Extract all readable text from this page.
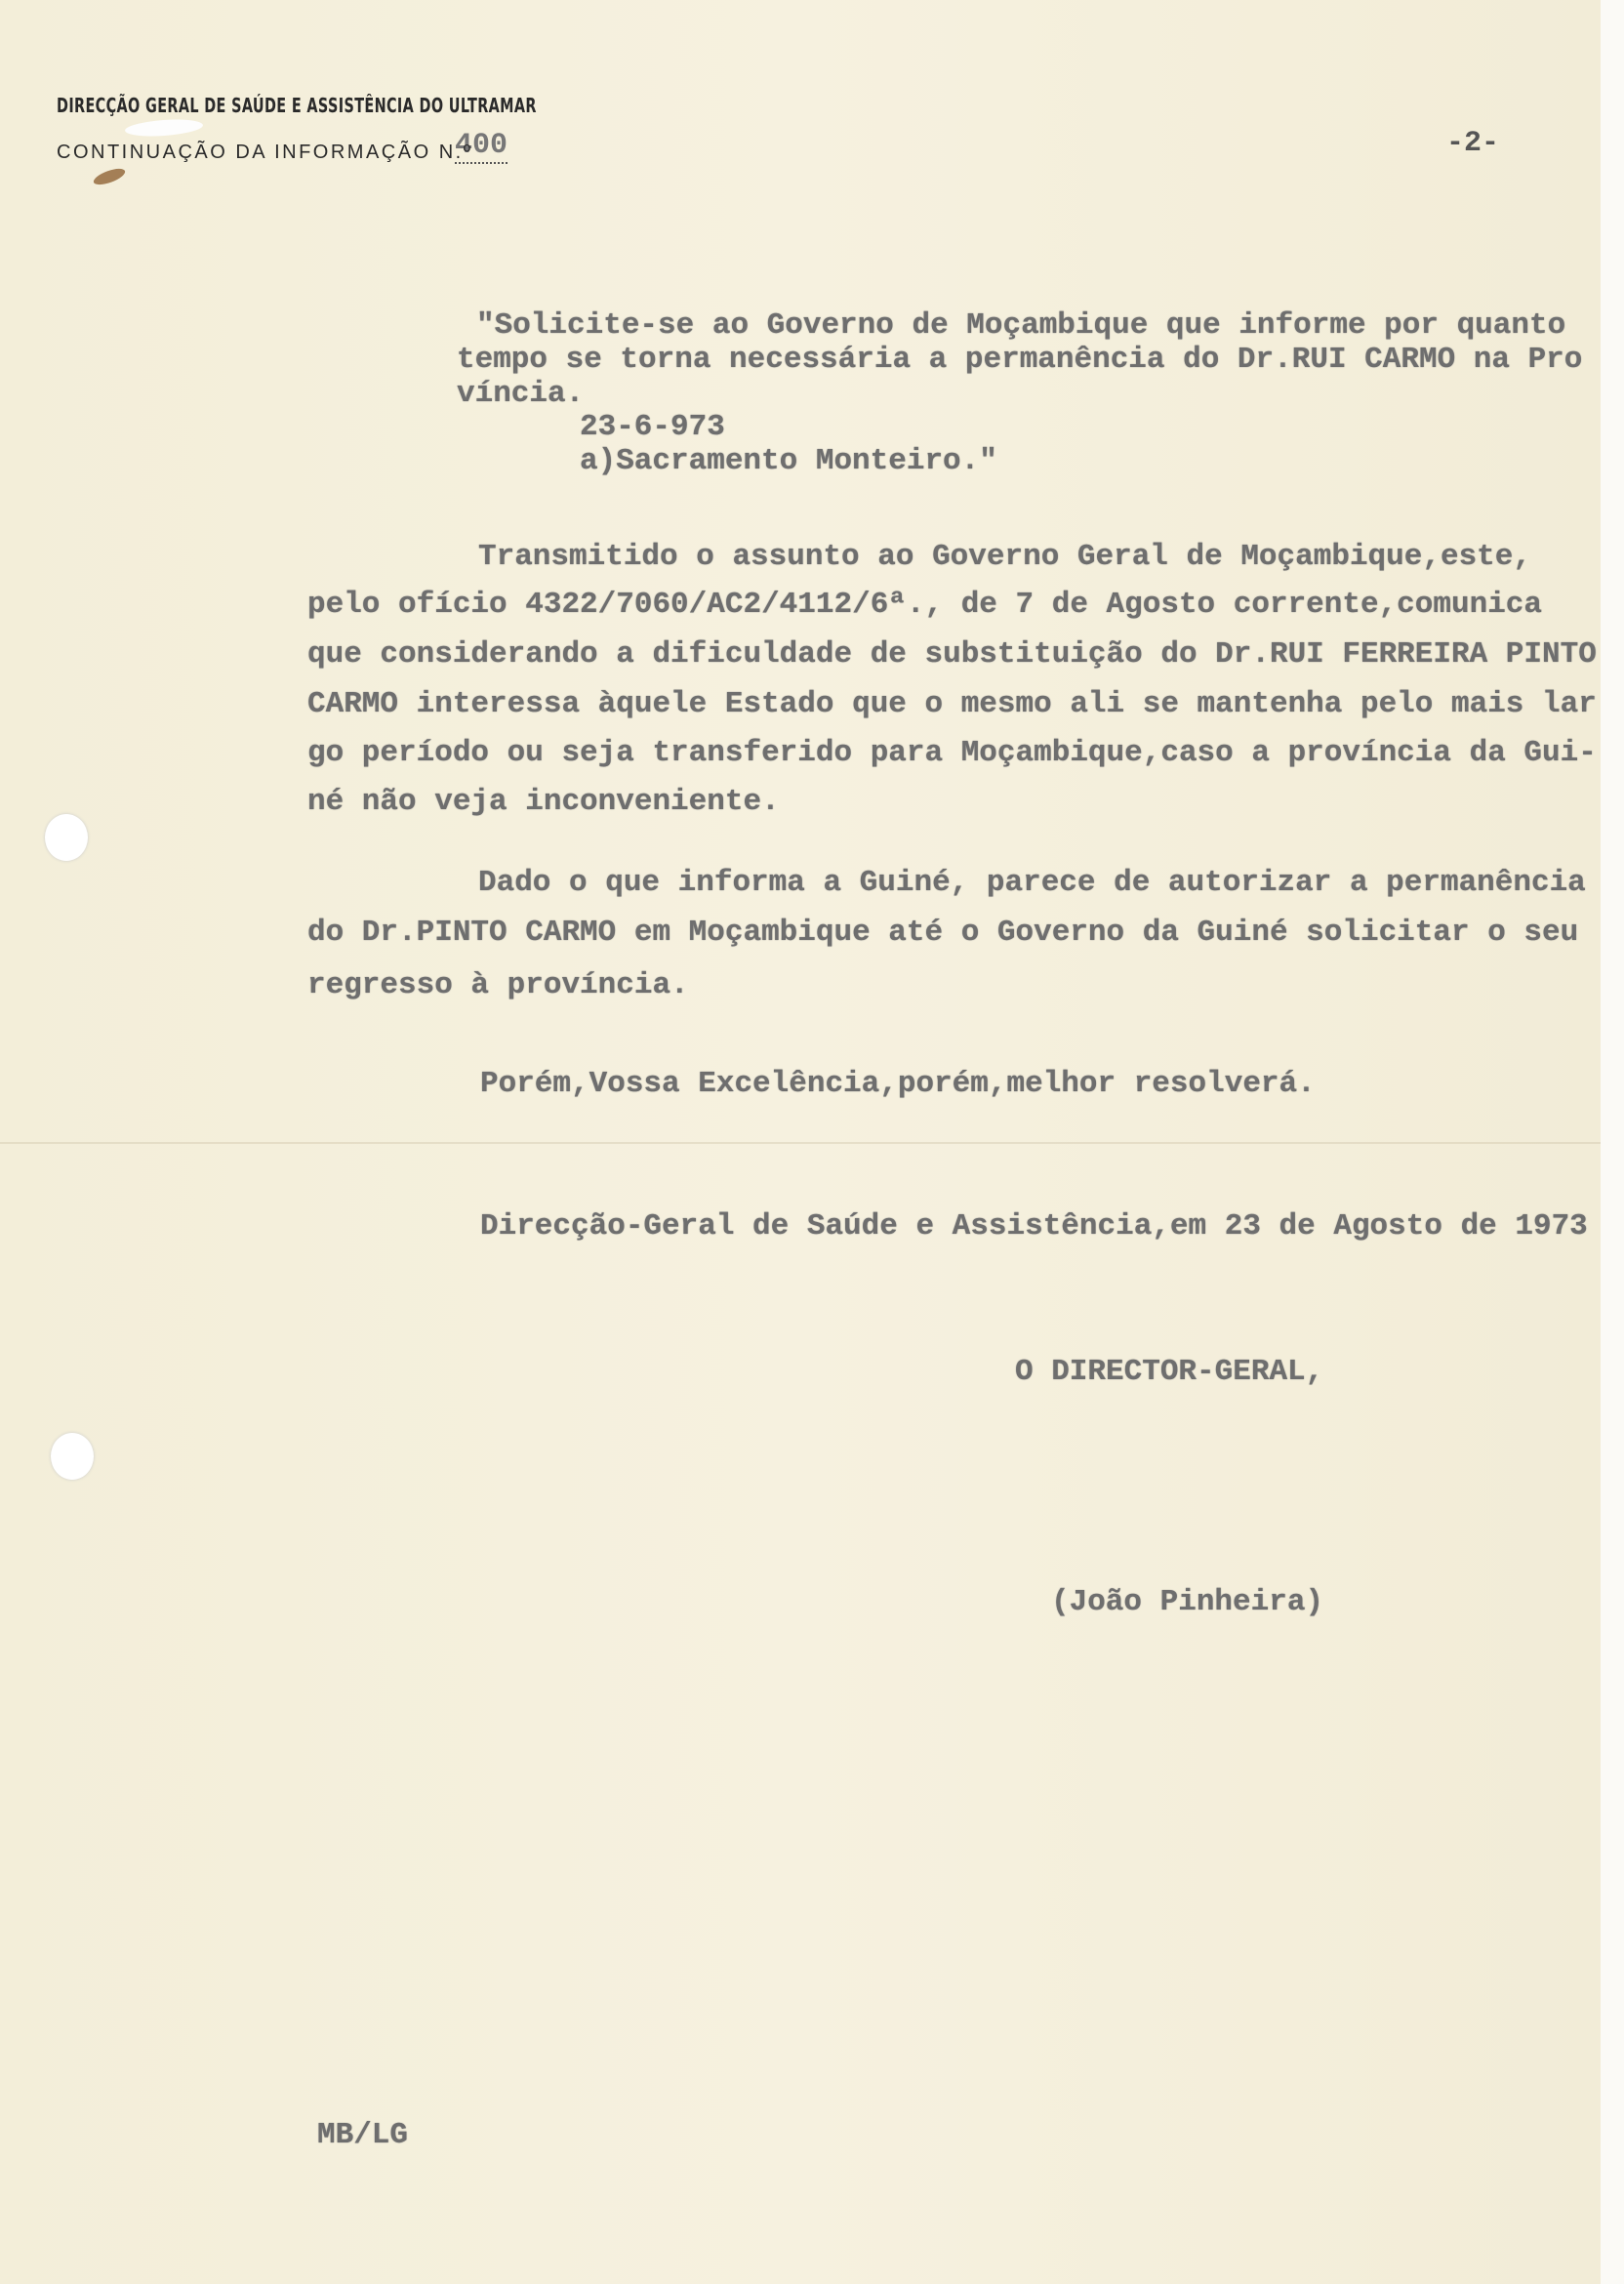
DIRECÇÃO GERAL DE SAÚDE E ASSISTÊNCIA DO ULTRAMAR
CONTINUAÇÃO DA INFORMAÇÃO N.º
400	-2-
"Solicite-se ao Governo de Moçambique que informe por quanto
tempo se torna necessária a permanência do Dr.RUI CARMO na Pro
víncia.
23-6-973
a)Sacramento Monteiro."
Transmitido o assunto ao Governo Geral de Moçambique,este,
pelo ofício 4322/7060/AC2/4112/6ª., de 7 de Agosto corrente,comunica
que considerando a dificuldade de substituição do Dr.RUI FERREIRA PINTO
CARMO interessa àquele Estado que o mesmo ali se mantenha pelo mais lar
go período ou seja transferido para Moçambique,caso a província da Gui-
né não veja inconveniente.
Dado o que informa a Guiné, parece de autorizar a permanência
do Dr.PINTO CARMO em Moçambique até o Governo da Guiné solicitar o seu
regresso à província.
Porém,Vossa Excelência,porém,melhor resolverá.
Direcção-Geral de Saúde e Assistência,em 23 de Agosto de 1973
O DIRECTOR-GERAL,
(João Pinheira)
MB/LG
